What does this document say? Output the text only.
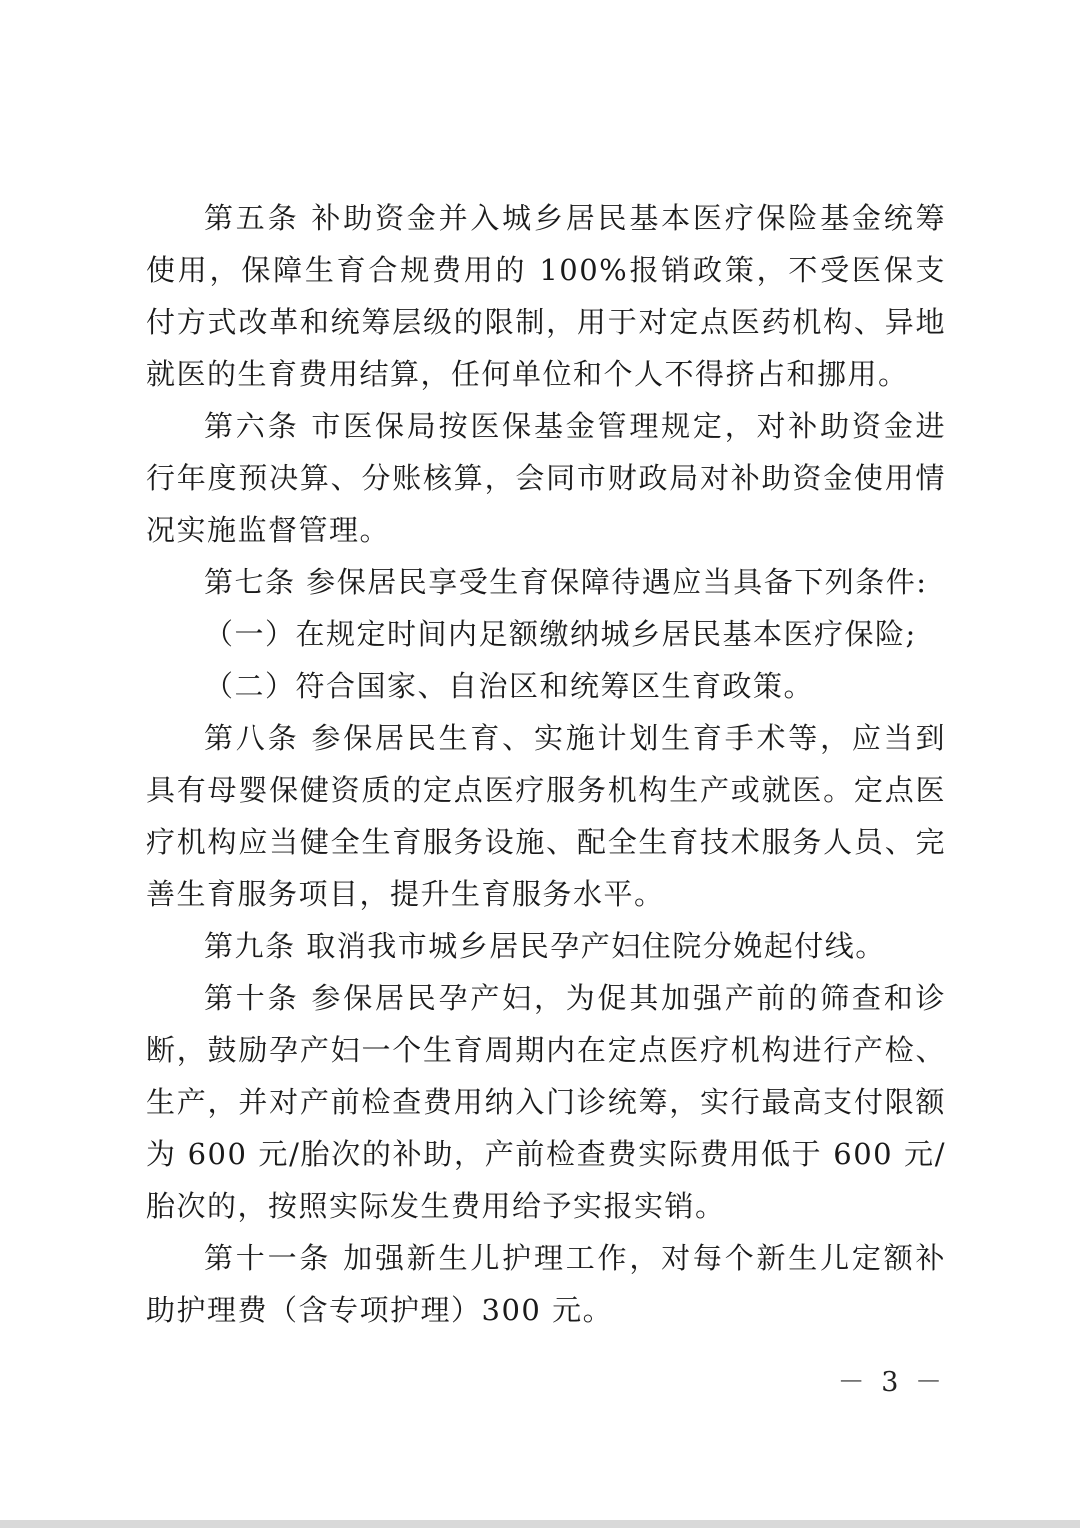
第五条 补助资金并入城乡居民基本医疗保险基金统筹使用，保障生育合规费用的 100%报销政策，不受医保支付方式改革和统筹层级的限制，用于对定点医药机构、异地就医的生育费用结算，任何单位和个人不得挤占和挪用。

第六条 市医保局按医保基金管理规定，对补助资金进行年度预决算、分账核算，会同市财政局对补助资金使用情况实施监督管理。

第七条 参保居民享受生育保障待遇应当具备下列条件:

（一）在规定时间内足额缴纳城乡居民基本医疗保险;

（二）符合国家、自治区和统筹区生育政策。

第八条 参保居民生育、实施计划生育手术等，应当到具有母婴保健资质的定点医疗服务机构生产或就医。定点医疗机构应当健全生育服务设施、配全生育技术服务人员、完善生育服务项目，提升生育服务水平。

第九条 取消我市城乡居民孕产妇住院分娩起付线。

第十条 参保居民孕产妇，为促其加强产前的筛查和诊断，鼓励孕产妇一个生育周期内在定点医疗机构进行产检、生产，并对产前检查费用纳入门诊统筹，实行最高支付限额为 600 元/胎次的补助，产前检查费实际费用低于 600 元/胎次的，按照实际发生费用给予实报实销。

第十一条 加强新生儿护理工作，对每个新生儿定额补助护理费（含专项护理）300 元。

－ 3 －
